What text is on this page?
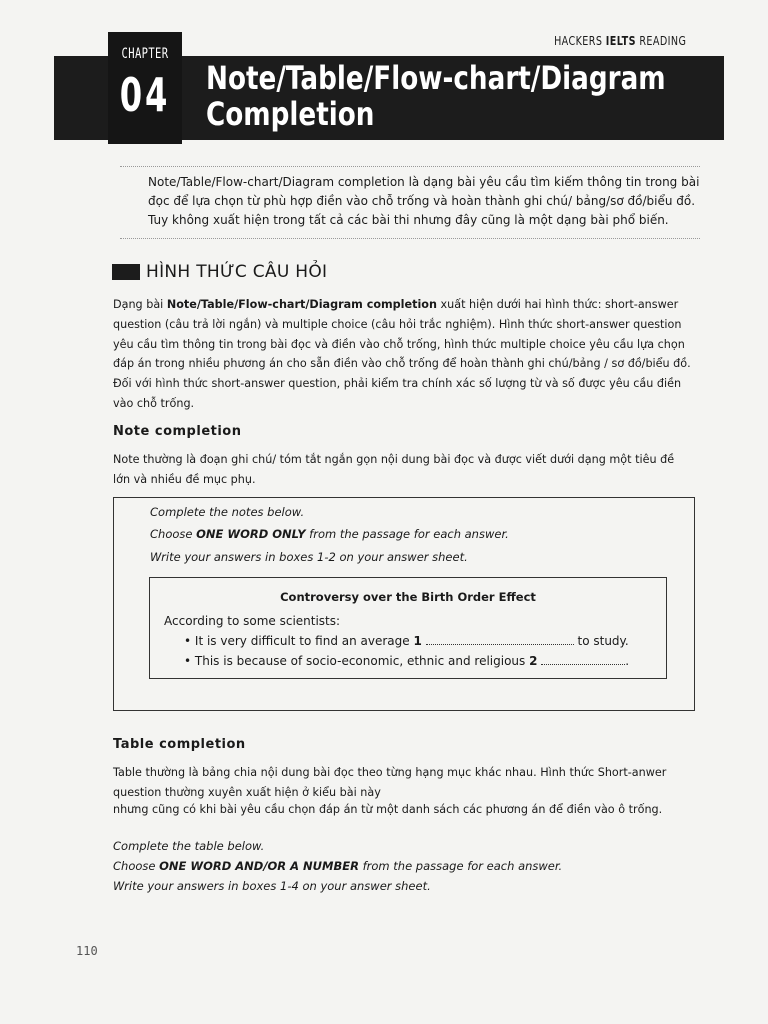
HACKERS IELTS READING
CHAPTER
04 Note/Table/Flow-chart/Diagram
Completion
Note/Table/Flow-chart/Diagram completion là dạng bài yêu cầu tìm kiếm thông tin trong bài đọc để lựa chọn từ phù hợp điền vào chỗ trống và hoàn thành ghi chú/ bảng/sơ đồ/biểu đồ. Tuy không xuất hiện trong tất cả các bài thi nhưng đây cũng là một dạng bài phổ biến.
HÌNH THỨC CÂU HỎI
Dạng bài Note/Table/Flow-chart/Diagram completion xuất hiện dưới hai hình thức: short-answer question (câu trả lời ngắn) và multiple choice (câu hỏi trắc nghiệm). Hình thức short-answer question yêu cầu tìm thông tin trong bài đọc và điền vào chỗ trống, hình thức multiple choice yêu cầu lựa chọn đáp án trong nhiều phương án cho sẵn điền vào chỗ trống để hoàn thành ghi chú/bảng / sơ đồ/biểu đồ. Đối với hình thức short-answer question, phải kiểm tra chính xác số lượng từ và số được yêu cầu điền vào chỗ trống.
Note completion
Note thường là đoạn ghi chú/ tóm tắt ngắn gọn nội dung bài đọc và được viết dưới dạng một tiêu đề lớn và nhiều đề mục phụ.
Complete the notes below.
Choose ONE WORD ONLY from the passage for each answer.
Write your answers in boxes 1-2 on your answer sheet.
Controversy over the Birth Order Effect
According to some scientists:
• It is very difficult to find an average 1	to study.
• This is because of socio-economic, ethnic and religious 2	.
Table completion
Table thường là bảng chia nội dung bài đọc theo từng hạng mục khác nhau. Hình thức Short-anwer question thường xuyên xuất hiện ở kiểu bài này
nhưng cũng có khi bài yêu cầu chọn đáp án từ một danh sách các phương án để điền vào ô trống.
Complete the table below.
Choose ONE WORD AND/OR A NUMBER from the passage for each answer.
Write your answers in boxes 1-4 on your answer sheet.
110
